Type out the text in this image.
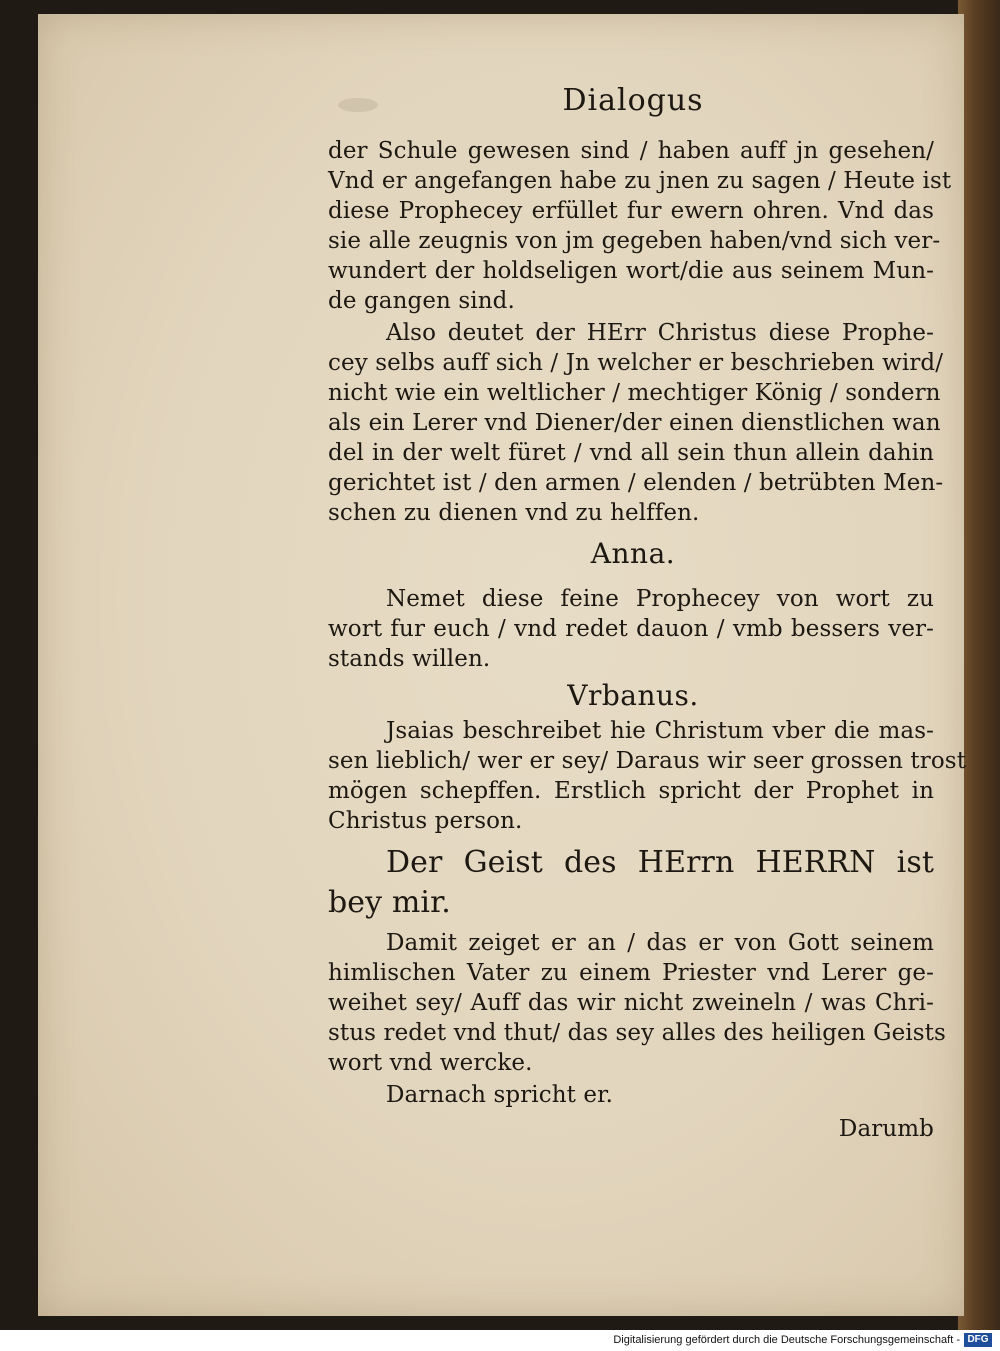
Dialogus
der Schule gewesen sind / haben auff jn gesehen/
Vnd er angefangen habe zu jnen zu sagen / Heute ist
diese Prophecey erfüllet fur ewern ohren. Vnd das
sie alle zeugnis von jm gegeben haben/vnd sich ver-
wundert der holdseligen wort/die aus seinem Mun-
de gangen sind.
Also deutet der HErr Christus diese Prophe-
cey selbs auff sich / Jn welcher er beschrieben wird/
nicht wie ein weltlicher / mechtiger König / sondern
als ein Lerer vnd Diener/der einen dienstlichen wan
del in der welt füret / vnd all sein thun allein dahin
gerichtet ist / den armen / elenden / betrübten Men-
schen zu dienen vnd zu helffen.
Anna.
Nemet diese feine Prophecey von wort zu
wort fur euch / vnd redet dauon / vmb bessers ver-
stands willen.
Vrbanus.
Jsaias beschreibet hie Christum vber die mas-
sen lieblich/ wer er sey/ Daraus wir seer grossen trost
mögen schepffen. Erstlich spricht der Prophet in
Christus person.
Der Geist des HErrn HERRN ist
bey mir.
Damit zeiget er an / das er von Gott seinem
himlischen Vater zu einem Priester vnd Lerer ge-
weihet sey/ Auff das wir nicht zweineln / was Chri-
stus redet vnd thut/ das sey alles des heiligen Geists
wort vnd wercke.
Darnach spricht er.
Darumb
Digitalisierung gefördert durch die Deutsche Forschungsgemeinschaft - DFG
